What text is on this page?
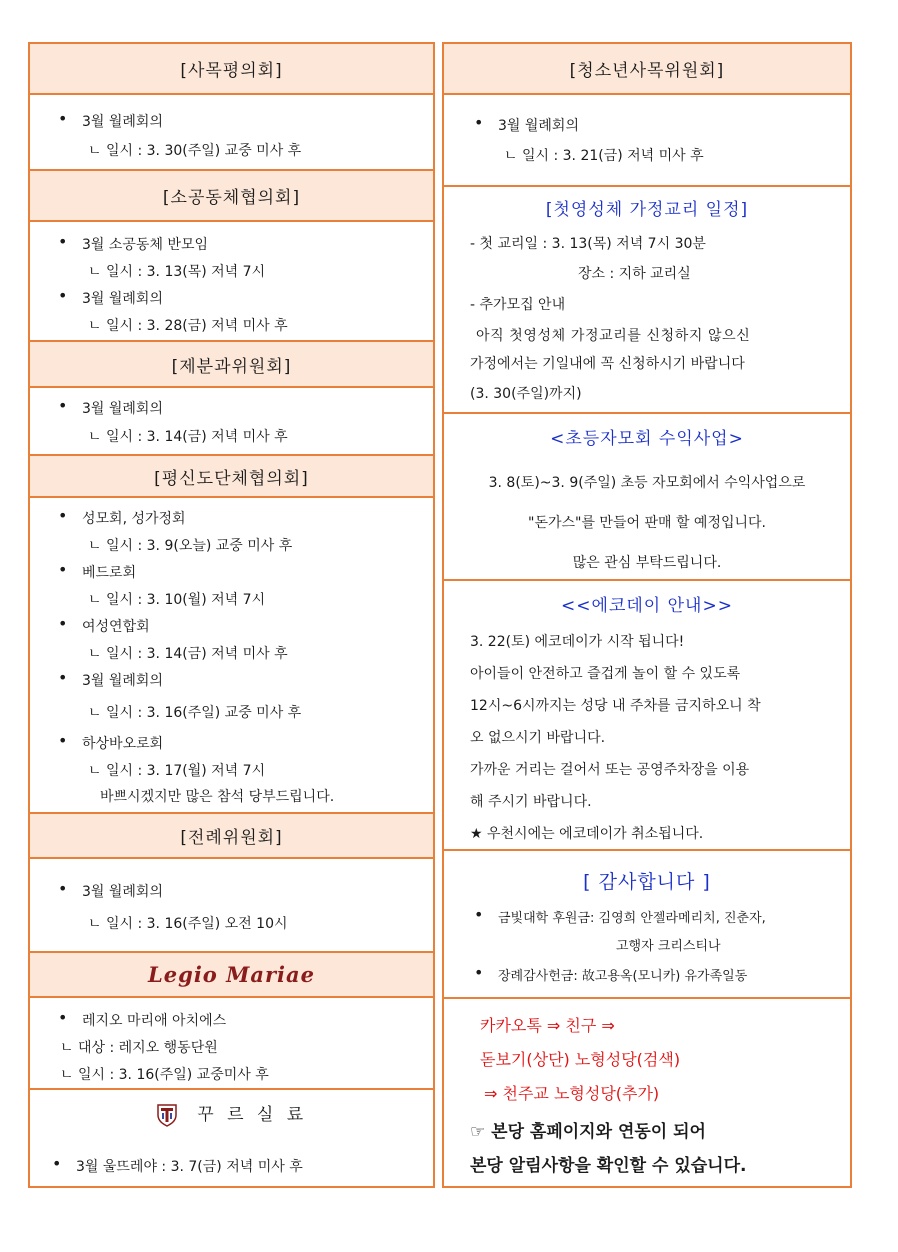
[사목평의회]
• 3월 월례회의
ㄴ 일시 : 3. 30(주일) 교중 미사 후
[소공동체협의회]
• 3월 소공동체 반모임
ㄴ 일시 : 3. 13(목) 저녁 7시
• 3월 월례회의
ㄴ 일시 : 3. 28(금) 저녁 미사 후
[제분과위원회]
• 3월 월례회의
ㄴ 일시 : 3. 14(금) 저녁 미사 후
[평신도단체협의회]
• 성모회, 성가정회
ㄴ 일시 : 3. 9(오늘) 교중 미사 후
• 베드로회
ㄴ 일시 : 3. 10(월) 저녁 7시
• 여성연합회
ㄴ 일시 : 3. 14(금) 저녁 미사 후
• 3월 월례회의
ㄴ 일시 : 3. 16(주일) 교중 미사 후
• 하상바오로회
ㄴ 일시 : 3. 17(월) 저녁 7시
바쁘시겠지만 많은 참석 당부드립니다.
[전례위원회]
• 3월 월례회의
ㄴ 일시 : 3. 16(주일) 오전 10시
Legio Mariae
• 레지오 마리애 아치에스
ㄴ 대상 : 레지오 행동단원
ㄴ 일시 : 3. 16(주일) 교중미사 후
꾸 르 실 료
• 3월 울뜨레야 : 3. 7(금) 저녁 미사 후
[청소년사목위원회]
• 3월 월례회의
ㄴ 일시 : 3. 21(금) 저녁 미사 후
[첫영성체 가정교리 일정]
- 첫 교리일 : 3. 13(목) 저녁 7시 30분
장소 : 지하 교리실
- 추가모집 안내
아직 첫영성체 가정교리를 신청하지 않으신
가정에서는 기일내에 꼭 신청하시기 바랍니다
(3. 30(주일)까지)
<초등자모회 수익사업>
3. 8(토)~3. 9(주일) 초등 자모회에서 수익사업으로
"돈가스"를 만들어 판매 할 예정입니다.
많은 관심 부탁드립니다.
<<에코데이 안내>>
3. 22(토) 에코데이가 시작 됩니다!
아이들이 안전하고 즐겁게 놀이 할 수 있도록
12시~6시까지는 성당 내 주차를 금지하오니 착
오 없으시기 바랍니다.
가까운 거리는 걸어서 또는 공영주차장을 이용
해 주시기 바랍니다.
★ 우천시에는 에코데이가 취소됩니다.
[ 감사합니다 ]
• 금빛대학 후원금: 김영희 안젤라메리치, 진춘자,
고행자 크리스티나
• 장례감사헌금: 故고용옥(모니카) 유가족일동
카카오톡 ⇒ 친구 ⇒
돋보기(상단) 노형성당(검색)
⇒ 천주교 노형성당(추가)
☞ 본당 홈페이지와 연동이 되어
본당 알림사항을 확인할 수 있습니다.
